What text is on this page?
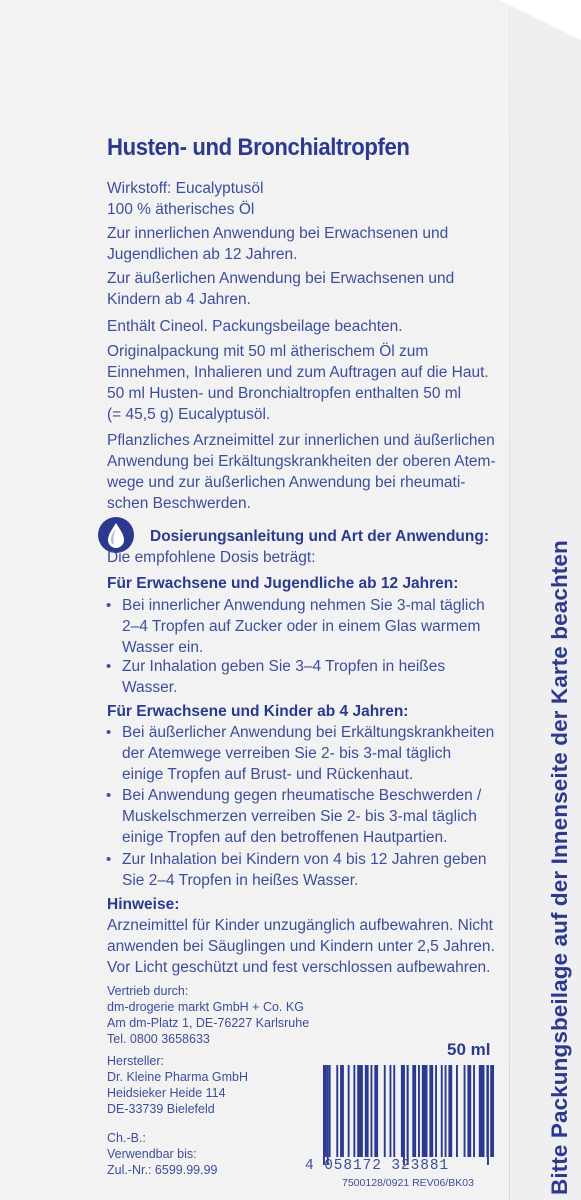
Husten- und Bronchialtropfen
Wirkstoff: Eucalyptusöl
100 % ätherisches Öl
Zur innerlichen Anwendung bei Erwachsenen und
Jugendlichen ab 12 Jahren.
Zur äußerlichen Anwendung bei Erwachsenen und
Kindern ab 4 Jahren.
Enthält Cineol. Packungsbeilage beachten.
Originalpackung mit 50 ml ätherischem Öl zum
Einnehmen, Inhalieren und zum Auftragen auf die Haut.
50 ml Husten- und Bronchialtropfen enthalten 50 ml
(= 45,5 g) Eucalyptusöl.
Pflanzliches Arzneimittel zur innerlichen und äußerlichen
Anwendung bei Erkältungskrankheiten der oberen Atem-
wege und zur äußerlichen Anwendung bei rheumati-
schen Beschwerden.
Dosierungsanleitung und Art der Anwendung:
Die empfohlene Dosis beträgt:
Für Erwachsene und Jugendliche ab 12 Jahren:
• Bei innerlicher Anwendung nehmen Sie 3-mal täglich
2–4 Tropfen auf Zucker oder in einem Glas warmem
Wasser ein.
• Zur Inhalation geben Sie 3–4 Tropfen in heißes
Wasser.
Für Erwachsene und Kinder ab 4 Jahren:
• Bei äußerlicher Anwendung bei Erkältungskrankheiten
der Atemwege verreiben Sie 2- bis 3-mal täglich
einige Tropfen auf Brust- und Rückenhaut.
• Bei Anwendung gegen rheumatische Beschwerden /
Muskelschmerzen verreiben Sie 2- bis 3-mal täglich
einige Tropfen auf den betroffenen Hautpartien.
• Zur Inhalation bei Kindern von 4 bis 12 Jahren geben
Sie 2–4 Tropfen in heißes Wasser.
Hinweise:
Arzneimittel für Kinder unzugänglich aufbewahren. Nicht
anwenden bei Säuglingen und Kindern unter 2,5 Jahren.
Vor Licht geschützt und fest verschlossen aufbewahren.
Vertrieb durch:
dm-drogerie markt GmbH + Co. KG
Am dm-Platz 1, DE-76227 Karlsruhe
Tel. 0800 3658633
Hersteller:
Dr. Kleine Pharma GmbH
Heidsieker Heide 114
DE-33739 Bielefeld
Ch.-B.:
Verwendbar bis:
Zul.-Nr.: 6599.99.99
50 ml
4 058172 323881
7500128/0921 REV06/BK03	Bitte Packungsbeilage auf der Innenseite der Karte beachten
